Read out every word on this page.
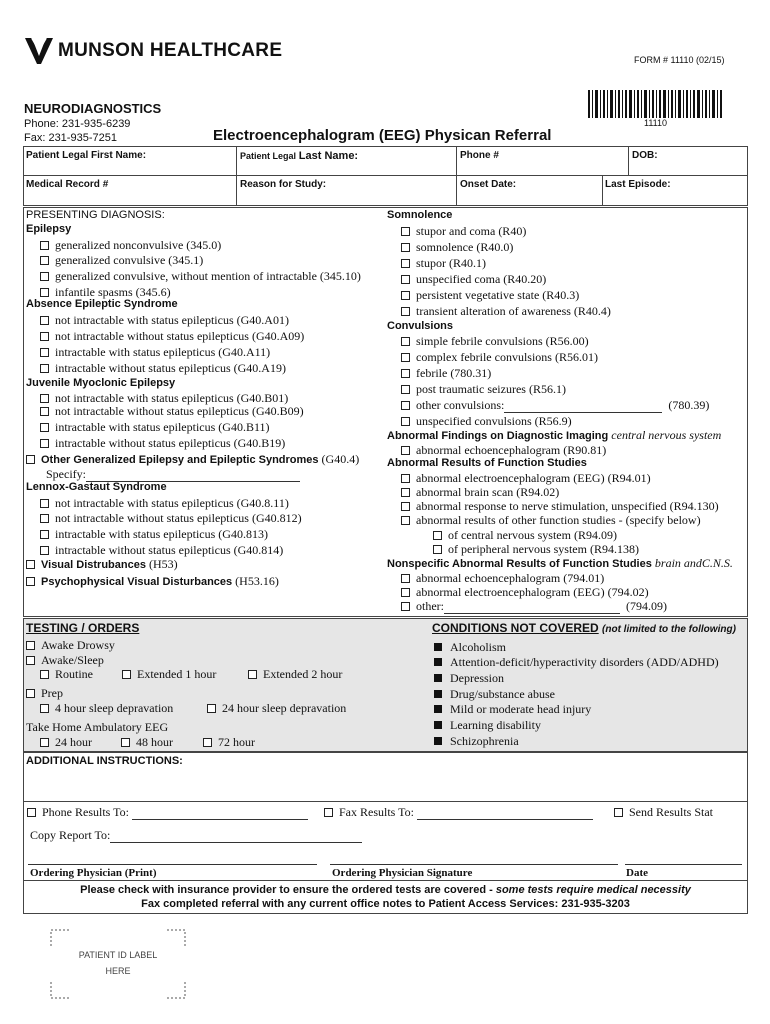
MUNSON HEALTHCARE	FORM # 11110 (02/15)
11110
NEURODIAGNOSTICS
Phone: 231-935-6239
Fax: 231-935-7251	Electroencephalogram (EEG) Physican Referral
Patient Legal First Name:	Patient Legal Last Name:	Phone #	DOB:
Medical Record #	Reason for Study:	Onset Date:	Last Episode:
PRESENTING DIAGNOSIS:
Epilepsy
generalized nonconvulsive (345.0)
generalized convulsive (345.1)
generalized convulsive, without mention of intractable (345.10)
infantile spasms (345.6)
Absence Epileptic Syndrome
not intractable with status epilepticus (G40.A01)
not intractable without status epilepticus (G40.A09)
intractable with status epilepticus (G40.A11)
intractable without status epilepticus (G40.A19)
Juvenile Myoclonic Epilepsy
not intractable with status epilepticus (G40.B01)
not intractable without status epilepticus (G40.B09)
intractable with status epilepticus (G40.B11)
intractable without status epilepticus (G40.B19)
Other Generalized Epilepsy and Epileptic Syndromes (G40.4)
Specify:
Lennox-Gastaut Syndrome
not intractable with status epilepticus (G40.8.11)
not intractable without status epilepticus (G40.812)
intractable with status epilepticus (G40.813)
intractable without status epilepticus (G40.814)
Visual Distrubances (H53)
Psychophysical Visual Disturbances (H53.16)
Somnolence
stupor and coma (R40)
somnolence (R40.0)
stupor (R40.1)
unspecified coma (R40.20)
persistent vegetative state (R40.3)
transient alteration of awareness (R40.4)
Convulsions
simple febrile convulsions (R56.00)
complex febrile convulsions (R56.01)
febrile (780.31)
post traumatic seizures (R56.1)
other convulsions:	(780.39)
unspecified convulsions (R56.9)
Abnormal Findings on Diagnostic Imaging central nervous system
abnormal echoencephalogram (R90.81)
Abnormal Results of Function Studies
abnormal electroencephalogram (EEG) (R94.01)
abnormal brain scan (R94.02)
abnormal response to nerve stimulation, unspecified (R94.130)
abnormal results of other function studies - (specify below)
of central nervous system (R94.09)
of peripheral nervous system (R94.138)
Nonspecific Abnormal Results of Function Studies brain andC.N.S.
abnormal echoencephalogram (794.01)
abnormal electroencephalogram (EEG) (794.02)
other:	(794.09)
TESTING / ORDERS
Awake Drowsy
Awake/Sleep
Routine	Extended 1 hour	Extended 2 hour
Prep
4 hour sleep depravation	24 hour sleep depravation
Take Home Ambulatory EEG
24 hour	48 hour	72 hour
CONDITIONS NOT COVERED (not limited to the following)
Alcoholism
Attention-deficit/hyperactivity disorders (ADD/ADHD)
Depression
Drug/substance abuse
Mild or moderate head injury
Learning disability
Schizophrenia
ADDITIONAL INSTRUCTIONS:
Phone Results To:	Fax Results To:	Send Results Stat
Copy Report To:
Ordering Physician (Print)	Ordering Physician Signature	Date
Please check with insurance provider to ensure the ordered tests are covered - some tests require medical necessity
Fax completed referral with any current office notes to Patient Access Services: 231-935-3203
PATIENT ID LABEL
HERE
